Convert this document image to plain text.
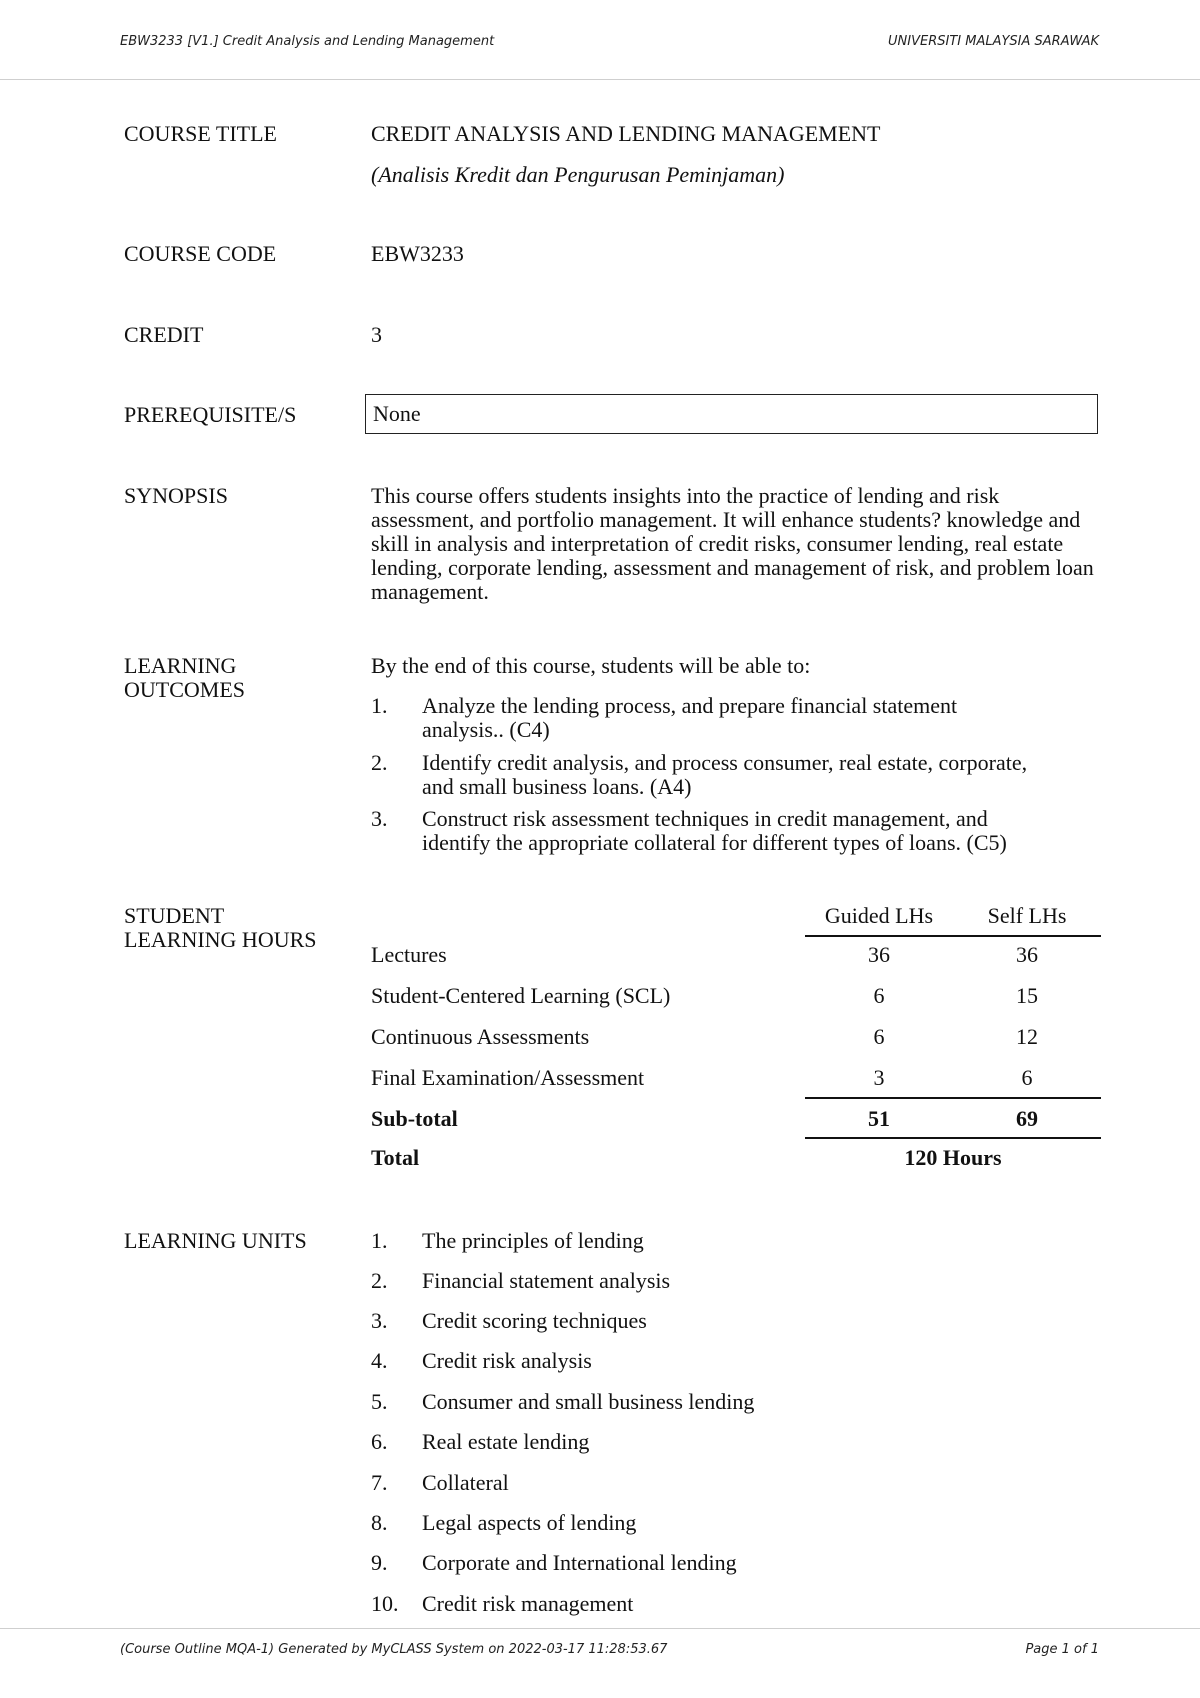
EBW3233 [V1.] Credit Analysis and Lending Management	UNIVERSITI MALAYSIA SARAWAK
COURSE TITLE	CREDIT ANALYSIS AND LENDING MANAGEMENT
(Analisis Kredit dan Pengurusan Peminjaman)
COURSE CODE	EBW3233
CREDIT	3
PREREQUISITE/S	None
SYNOPSIS	This course offers students insights into the practice of lending and risk assessment, and portfolio management. It will enhance students? knowledge and skill in analysis and interpretation of credit risks, consumer lending, real estate lending, corporate lending, assessment and management of risk, and problem loan management.
LEARNING
OUTCOMES
By the end of this course, students will be able to:
1. Analyze the lending process, and prepare financial statement
analysis.. (C4)
2. Identify credit analysis, and process consumer, real estate, corporate,
and small business loans. (A4)
3. Construct risk assessment techniques in credit management, and
identify the appropriate collateral for different types of loans. (C5)
STUDENT
LEARNING HOURS
Guided LHs	Self LHs
Lectures	36	36
Student-Centered Learning (SCL)	6	15
Continuous Assessments	6	12
Final Examination/Assessment	3	6
Sub-total	51	69
Total	120 Hours
LEARNING UNITS	1. The principles of lending
2. Financial statement analysis
3. Credit scoring techniques
4. Credit risk analysis
5. Consumer and small business lending
6. Real estate lending
7. Collateral
8. Legal aspects of lending
9. Corporate and International lending
10. Credit risk management
(Course Outline MQA-1) Generated by MyCLASS System on 2022-03-17 11:28:53.67	Page 1 of 1
